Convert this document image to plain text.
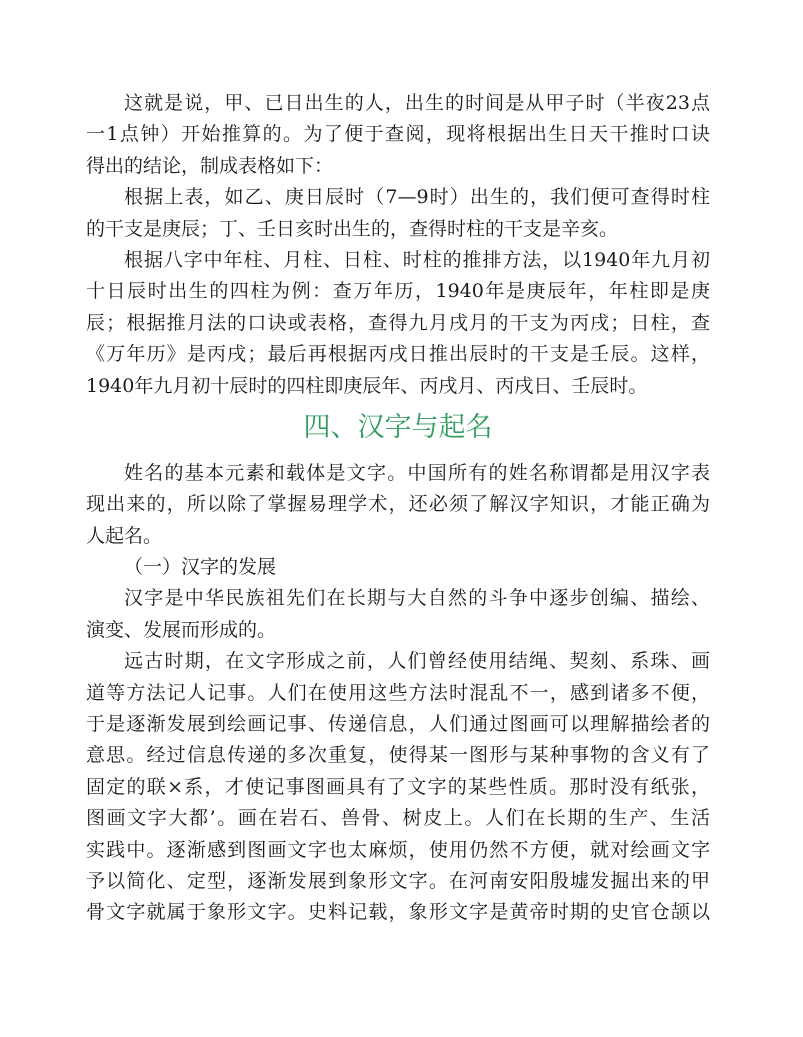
这就是说，甲、已日出生的人，出生的时间是从甲子时（半夜23点
一1点钟）开始推算的。为了便于查阅，现将根据出生日天干推时口诀
得出的结论，制成表格如下：
根据上表，如乙、庚日辰时（7—9时）出生的，我们便可查得时柱
的干支是庚辰；丁、壬日亥时出生的，查得时柱的干支是辛亥。
根据八字中年柱、月柱、日柱、时柱的推排方法，以1940年九月初
十日辰时出生的四柱为例：查万年历，1940年是庚辰年，年柱即是庚
辰；根据推月法的口诀或表格，查得九月戌月的干支为丙戌；日柱，查
《万年历》是丙戌；最后再根据丙戌日推出辰时的干支是壬辰。这样，
1940年九月初十辰时的四柱即庚辰年、丙戌月、丙戌日、壬辰时。
四、汉字与起名
姓名的基本元素和载体是文字。中国所有的姓名称谓都是用汉字表
现出来的，所以除了掌握易理学术，还必须了解汉字知识，才能正确为
人起名。
（一）汉字的发展
汉字是中华民族祖先们在长期与大自然的斗争中逐步创编、描绘、
演变、发展而形成的。
远古时期，在文字形成之前，人们曾经使用结绳、契刻、系珠、画
道等方法记人记事。人们在使用这些方法时混乱不一，感到诸多不便，
于是逐渐发展到绘画记事、传递信息，人们通过图画可以理解描绘者的
意思。经过信息传递的多次重复，使得某一图形与某种事物的含义有了
固定的联×系，才使记事图画具有了文字的某些性质。那时没有纸张，
图画文字大都’。画在岩石、兽骨、树皮上。人们在长期的生产、生活
实践中。逐渐感到图画文字也太麻烦，使用仍然不方便，就对绘画文字
予以简化、定型，逐渐发展到象形文字。在河南安阳殷墟发掘出来的甲
骨文字就属于象形文字。史料记载，象形文字是黄帝时期的史官仓颉以
